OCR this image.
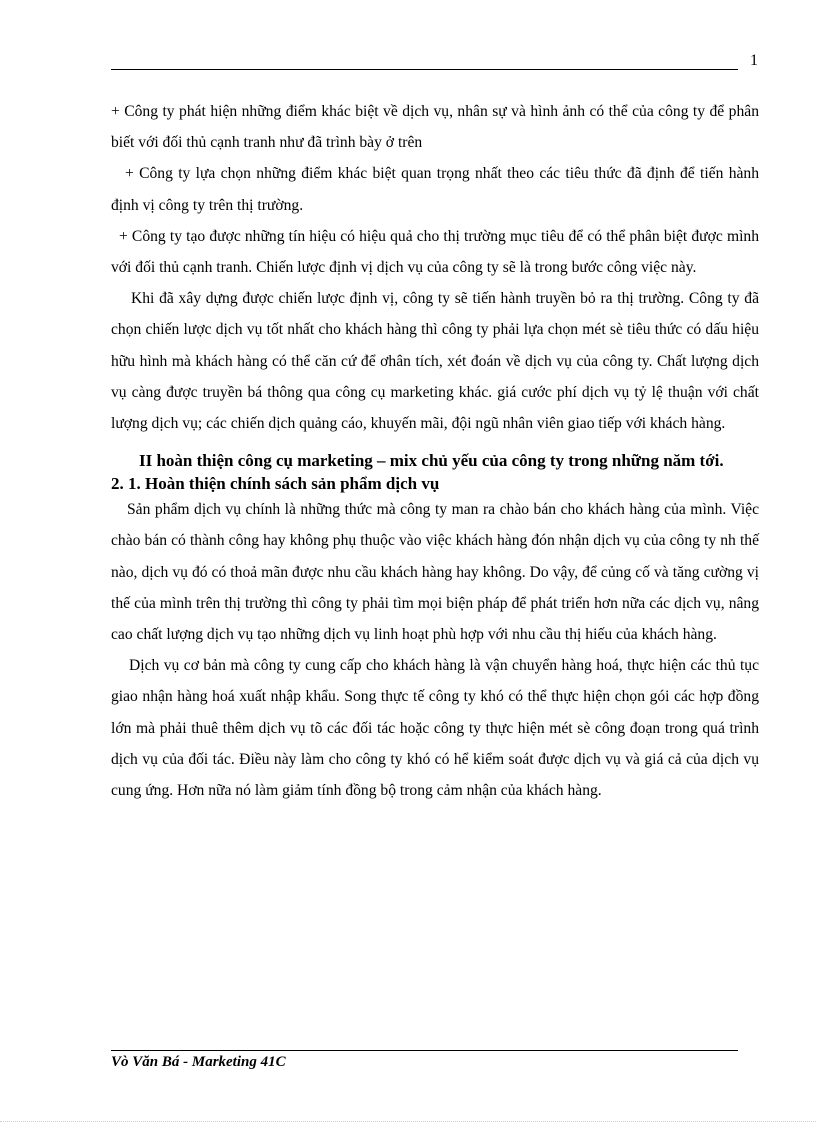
1

+ Công ty phát hiện những điểm khác biệt về dịch vụ, nhân sự và hình ảnh có thể của công ty để phân biết với đối thủ cạnh tranh như đã trình bày ở trên

+ Công ty lựa chọn những điểm khác biệt quan trọng nhất theo các tiêu thức đã định để tiến hành định vị công ty trên thị trường.

+ Công ty tạo được những tín hiệu có hiệu quả cho thị trường mục tiêu để có thể phân biệt được mình với đối thủ cạnh tranh. Chiến lược định vị dịch vụ của công ty sẽ là trong bước công việc này.

Khi đã xây dựng được chiến lược định vị, công ty sẽ tiến hành truyền bỏ ra thị trường. Công ty đã chọn chiến lược dịch vụ tốt nhất cho khách hàng thì công ty phải lựa chọn mét sè tiêu thức có dấu hiệu hữu hình mà khách hàng có thể căn cứ để ơhân tích, xét đoán về dịch vụ của công ty. Chất lượng dịch vụ càng được truyền bá thông qua công cụ marketing khác. giá cước phí dịch vụ tỷ lệ thuận với chất lượng dịch vụ; các chiến dịch quảng cáo, khuyến mãi, đội ngũ nhân viên giao tiếp với khách hàng.

II hoàn thiện công cụ marketing – mix chủ yếu của công ty trong những năm tới.
2. 1. Hoàn thiện chính sách sản phẩm dịch vụ

Sản phẩm dịch vụ chính là những thức mà công ty man ra chào bán cho khách hàng của mình. Việc chào bán có thành công hay không phụ thuộc vào việc khách hàng đón nhận dịch vụ của công ty nh thế nào, dịch vụ đó có thoả mãn được nhu cầu khách hàng hay không. Do vậy, để củng cố và tăng cường vị thế của mình trên thị trường thì công ty phải tìm mọi biện pháp để phát triển hơn nữa các dịch vụ, nâng cao chất lượng dịch vụ tạo những dịch vụ linh hoạt phù hợp với nhu cầu thị hiếu của khách hàng.

Dịch vụ cơ bản mà công ty cung cấp cho khách hàng là vận chuyển hàng hoá, thực hiện các thủ tục giao nhận hàng hoá xuất nhập khẩu. Song thực tế công ty khó có thể thực hiện chọn gói các hợp đồng lớn mà phải thuê thêm dịch vụ tõ các đối tác hoặc công ty thực hiện mét sè công đoạn trong quá trình dịch vụ của đối tác. Điều này làm cho công ty khó có hể kiểm soát được dịch vụ và giá cả của dịch vụ cung ứng. Hơn nữa nó làm giảm tính đồng bộ trong cảm nhận của khách hàng.

Vò Văn Bá - Marketing 41C
